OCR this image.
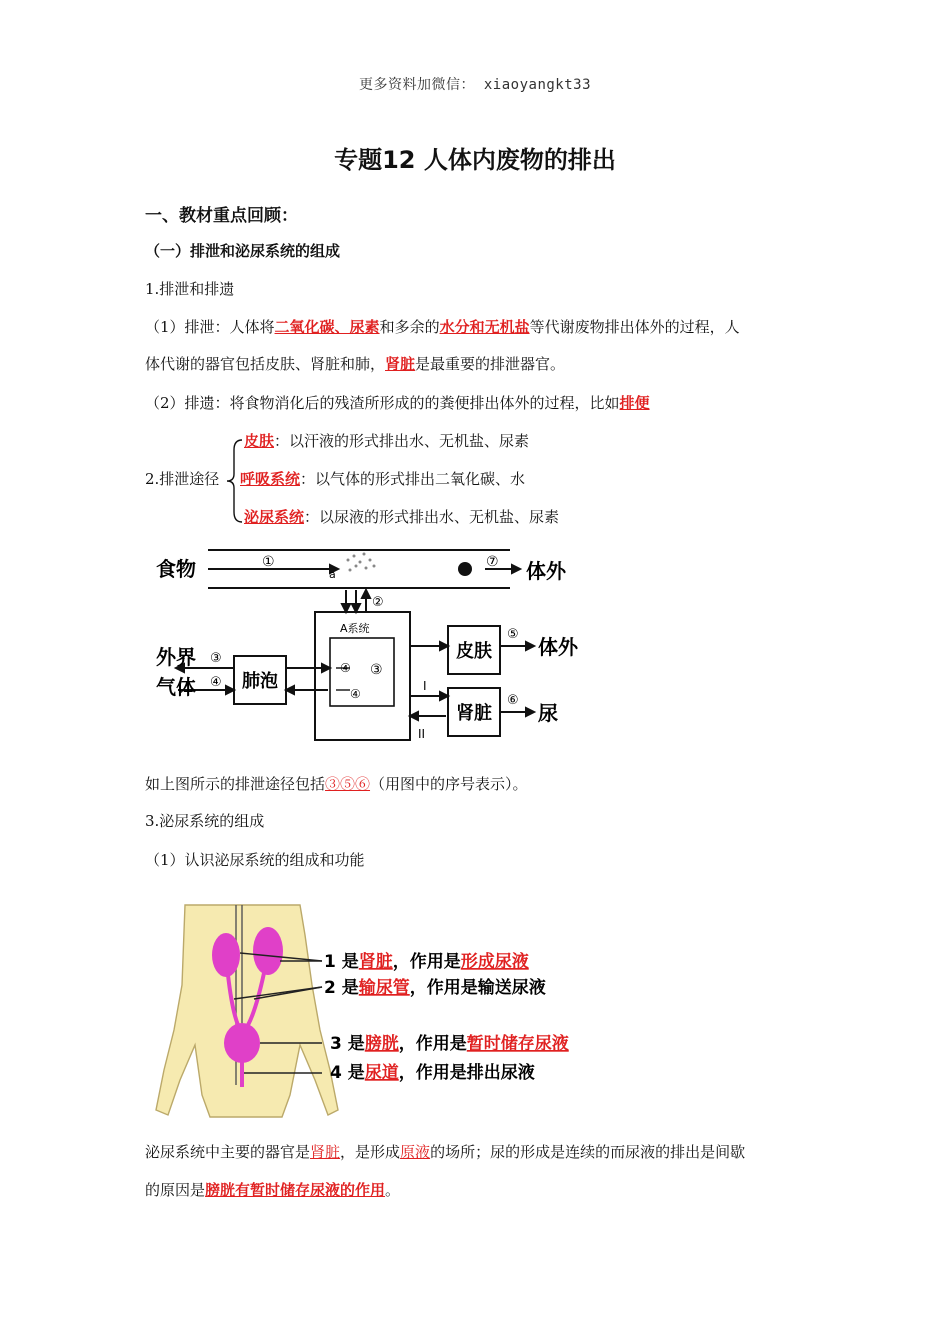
更多资料加微信： xiaoyangkt33
专题12 人体内废物的排出
一、教材重点回顾：
（一）排泄和泌尿系统的组成
1.排泄和排遗
（1）排泄：人体将二氧化碳、尿素和多余的水分和无机盐等代谢废物排出体外的过程，人
体代谢的器官包括皮肤、肾脏和肺，肾脏是最重要的排泄器官。
（2）排遗：将食物消化后的残渣所形成的的粪便排出体外的过程，比如排便
2.排泄途径
皮肤：以汗液的形式排出水、无机盐、尿素
呼吸系统：以气体的形式排出二氧化碳、水
泌尿系统：以尿液的形式排出水、无机盐、尿素
食物	体外
①
a
⑦
②
A系统
④ ③
④
外界
气体
③
④ 肺泡
皮肤
⑤
体外
肾脏
⑥
尿
I
II
如上图所示的排泄途径包括③⑤⑥（用图中的序号表示）。
3.泌尿系统的组成
（1）认识泌尿系统的组成和功能
1 是肾脏，作用是形成尿液
2 是输尿管，作用是输送尿液
3 是膀胱，作用是暂时储存尿液
4 是尿道，作用是排出尿液
泌尿系统中主要的器官是肾脏，是形成原液的场所；尿的形成是连续的而尿液的排出是间歇
的原因是膀胱有暂时储存尿液的作用。
